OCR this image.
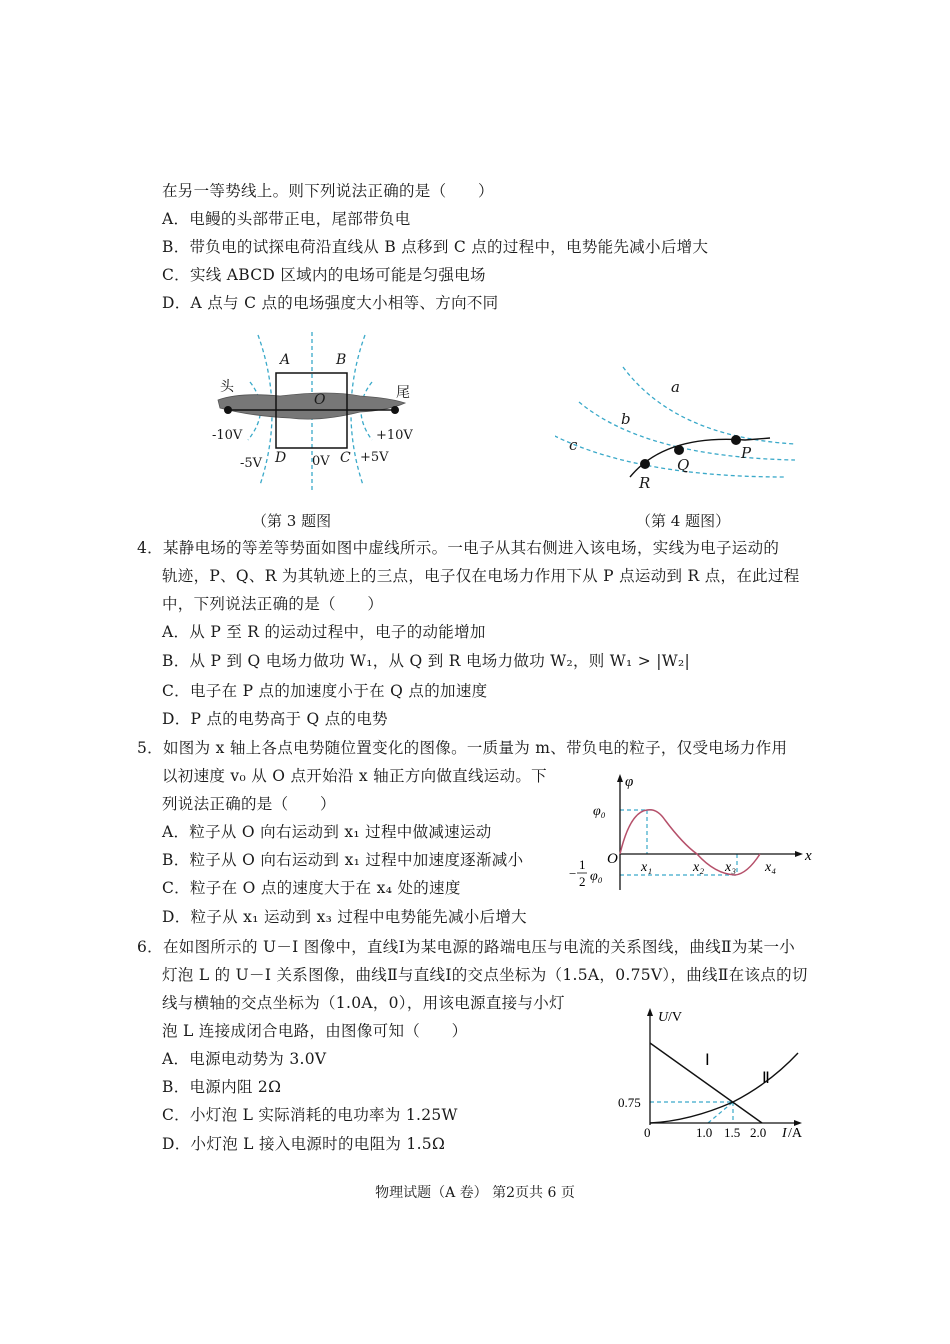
在另一等势线上。则下列说法正确的是（　　）
A．电鳗的头部带正电，尾部带负电
B．带负电的试探电荷沿直线从 B 点移到 C 点的过程中，电势能先减小后增大
C．实线 ABCD 区域内的电场可能是匀强电场
D．A 点与 C 点的电场强度大小相等、方向不同
A	B
C
D
O
头	尾
-10V
-5V	0V +5V
+10V
（第 3 题图
a
b
c	P
Q
R
（第 4 题图）
4．某静电场的等差等势面如图中虚线所示。一电子从其右侧进入该电场，实线为电子运动的
轨迹，P、Q、R 为其轨迹上的三点，电子仅在电场力作用下从 P 点运动到 R 点，在此过程
中，下列说法正确的是（　　）
A．从 P 至 R 的运动过程中，电子的动能增加
B．从 P 到 Q 电场力做功 W₁，从 Q 到 R 电场力做功 W₂，则 W₁ > |W₂|
C．电子在 P 点的加速度小于在 Q 点的加速度
D．P 点的电势高于 Q 点的电势
5．如图为 x 轴上各点电势随位置变化的图像。一质量为 m、带负电的粒子，仅受电场力作用
以初速度 v₀ 从 O 点开始沿 x 轴正方向做直线运动。下
列说法正确的是（　　）
A．粒子从 O 向右运动到 x₁ 过程中做减速运动
B．粒子从 O 向右运动到 x₁ 过程中加速度逐渐减小
C．粒子在 O 点的速度大于在 x₄ 处的速度
D．粒子从 x₁ 运动到 x₃ 过程中电势能先减小后增大
φ
φ₀
O
x₁	x₂ x₃ x₄
x
1
2
− φ₀
6．在如图所示的 U－I 图像中，直线Ⅰ为某电源的路端电压与电流的关系图线，曲线Ⅱ为某一小
灯泡 L 的 U－I 关系图像，曲线Ⅱ与直线Ⅰ的交点坐标为（1.5A，0.75V），曲线Ⅱ在该点的切
线与横轴的交点坐标为（1.0A，0），用该电源直接与小灯
泡 L 连接成闭合电路，由图像可知（　　）
A．电源电动势为 3.0V
B．电源内阻 2Ω
C．小灯泡 L 实际消耗的电功率为 1.25W
D．小灯泡 L 接入电源时的电阻为 1.5Ω
U /V
Ⅰ
Ⅱ
0.75
0	1.0 1.5 2.0 I /A
物理试题（A 卷） 第2页共 6 页
